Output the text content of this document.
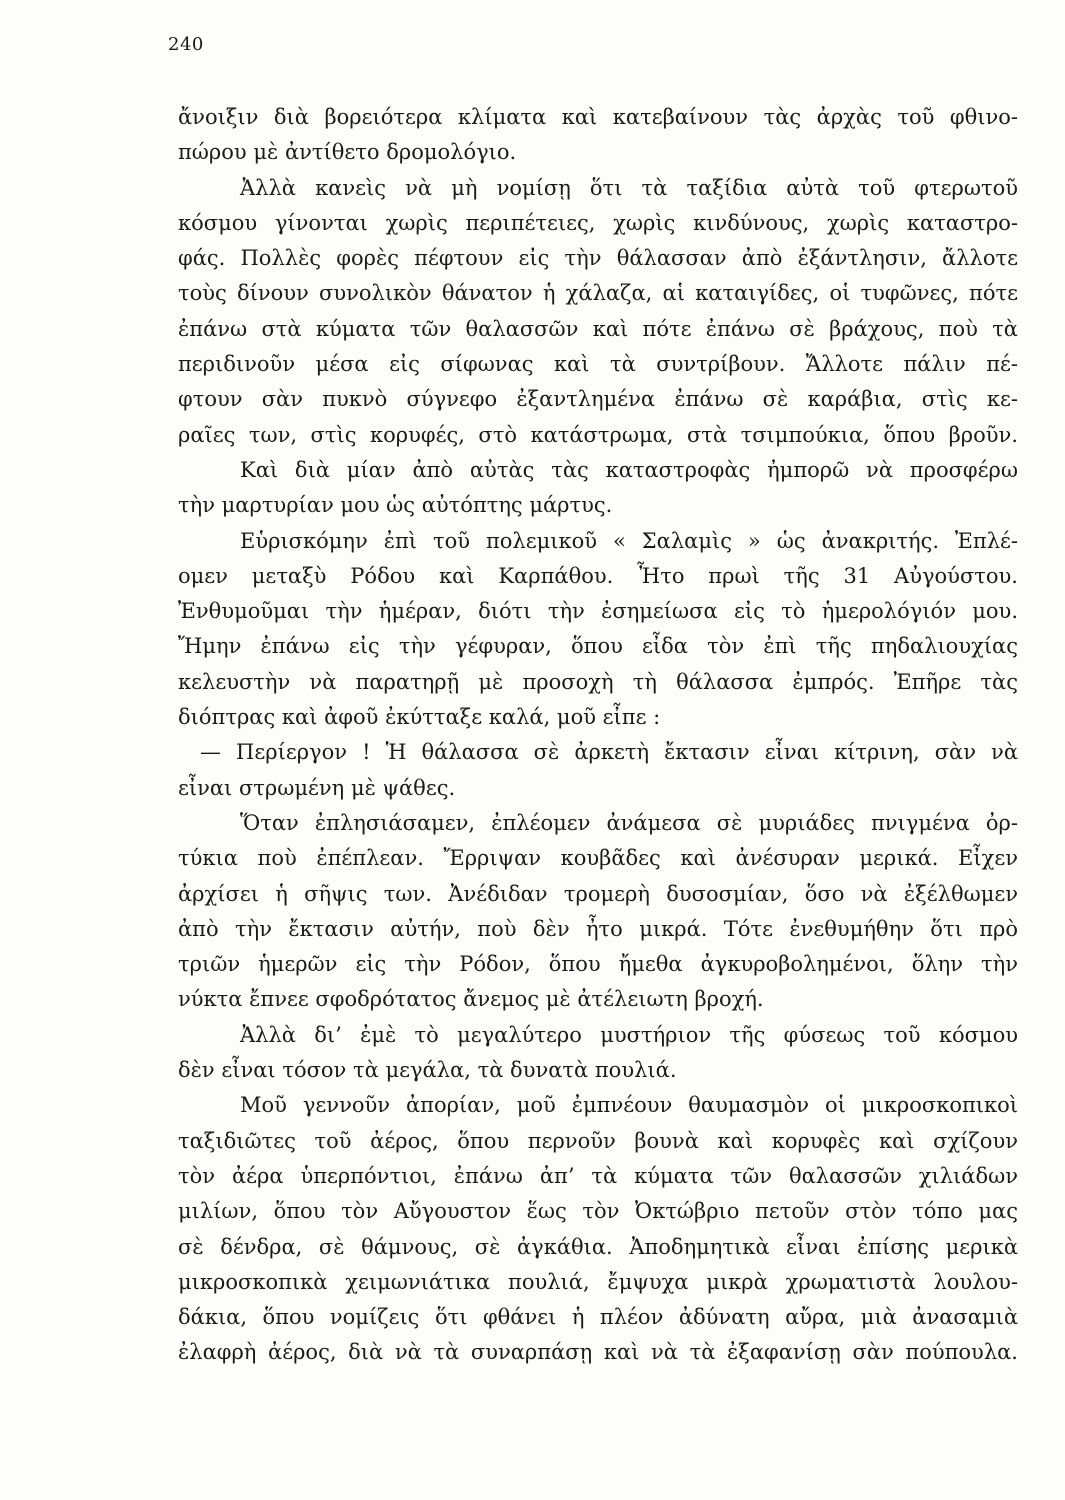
240
ἄνοιξιν διὰ βορειότερα κλίματα καὶ κατεβαίνουν τὰς ἀρχὰς τοῦ φθινο-
πώρου μὲ ἀντίθετο δρομολόγιο.
Ἀλλὰ κανεὶς νὰ μὴ νομίσῃ ὅτι τὰ ταξίδια αὐτὰ τοῦ φτερωτοῦ
κόσμου γίνονται χωρὶς περιπέτειες, χωρὶς κινδύνους, χωρὶς καταστρο-
φάς. Πολλὲς φορὲς πέφτουν εἰς τὴν θάλασσαν ἀπὸ ἐξάντλησιν, ἄλλοτε
τοὺς δίνουν συνολικὸν θάνατον ἡ χάλαζα, αἱ καταιγίδες, οἱ τυφῶνες, πότε
ἐπάνω στὰ κύματα τῶν θαλασσῶν καὶ πότε ἐπάνω σὲ βράχους, ποὺ τὰ
περιδινοῦν μέσα εἰς σίφωνας καὶ τὰ συντρίβουν. Ἄλλοτε πάλιν πέ-
φτουν σὰν πυκνὸ σύγνεφο ἐξαντλημένα ἐπάνω σὲ καράβια, στὶς κε-
ραῖες των, στὶς κορυφές, στὸ κατάστρωμα, στὰ τσιμπούκια, ὅπου βροῦν.
Καὶ διὰ μίαν ἀπὸ αὐτὰς τὰς καταστροφὰς ἠμπορῶ νὰ προσφέρω
τὴν μαρτυρίαν μου ὡς αὐτόπτης μάρτυς.
Εὑρισκόμην ἐπὶ τοῦ πολεμικοῦ « Σαλαμὶς » ὡς ἀνακριτής. Ἐπλέ-
ομεν μεταξὺ Ρόδου καὶ Καρπάθου. Ἦτο πρωὶ τῆς 31 Αὐγούστου.
Ἐνθυμοῦμαι τὴν ἡμέραν, διότι τὴν ἐσημείωσα εἰς τὸ ἡμερολόγιόν μου.
Ἤμην ἐπάνω εἰς τὴν γέφυραν, ὅπου εἶδα τὸν ἐπὶ τῆς πηδαλιουχίας
κελευστὴν νὰ παρατηρῇ μὲ προσοχὴ τὴ θάλασσα ἐμπρός. Ἐπῆρε τὰς
διόπτρας καὶ ἀφοῦ ἐκύτταξε καλά, μοῦ εἶπε :
— Περίεργον ! Ἡ θάλασσα σὲ ἀρκετὴ ἔκτασιν εἶναι κίτρινη, σὰν νὰ
εἶναι στρωμένη μὲ ψάθες.
Ὅταν ἐπλησιάσαμεν, ἐπλέομεν ἀνάμεσα σὲ μυριάδες πνιγμένα ὀρ-
τύκια ποὺ ἐπέπλεαν. Ἔρριψαν κουβᾶδες καὶ ἀνέσυραν μερικά. Εἶχεν
ἀρχίσει ἡ σῆψις των. Ἀνέδιδαν τρομερὴ δυσοσμίαν, ὅσο νὰ ἐξέλθωμεν
ἀπὸ τὴν ἔκτασιν αὐτήν, ποὺ δὲν ἦτο μικρά. Τότε ἐνεθυμήθην ὅτι πρὸ
τριῶν ἡμερῶν εἰς τὴν Ρόδον, ὅπου ἤμεθα ἀγκυροβολημένοι, ὅλην τὴν
νύκτα ἔπνεε σφοδρότατος ἄνεμος μὲ ἀτέλειωτη βροχή.
Ἀλλὰ δι’ ἐμὲ τὸ μεγαλύτερο μυστήριον τῆς φύσεως τοῦ κόσμου
δὲν εἶναι τόσον τὰ μεγάλα, τὰ δυνατὰ πουλιά.
Μοῦ γεννοῦν ἀπορίαν, μοῦ ἐμπνέουν θαυμασμὸν οἱ μικροσκοπικοὶ
ταξιδιῶτες τοῦ ἀέρος, ὅπου περνοῦν βουνὰ καὶ κορυφὲς καὶ σχίζουν
τὸν ἀέρα ὑπερπόντιοι, ἐπάνω ἀπ’ τὰ κύματα τῶν θαλασσῶν χιλιάδων
μιλίων, ὅπου τὸν Αὔγουστον ἕως τὸν Ὀκτώβριο πετοῦν στὸν τόπο μας
σὲ δένδρα, σὲ θάμνους, σὲ ἀγκάθια. Ἀποδημητικὰ εἶναι ἐπίσης μερικὰ
μικροσκοπικὰ χειμωνιάτικα πουλιά, ἔμψυχα μικρὰ χρωματιστὰ λουλου-
δάκια, ὅπου νομίζεις ὅτι φθάνει ἡ πλέον ἀδύνατη αὔρα, μιὰ ἀνασαμιὰ
ἐλαφρὴ ἀέρος, διὰ νὰ τὰ συναρπάσῃ καὶ νὰ τὰ ἐξαφανίσῃ σὰν πούπουλα.
